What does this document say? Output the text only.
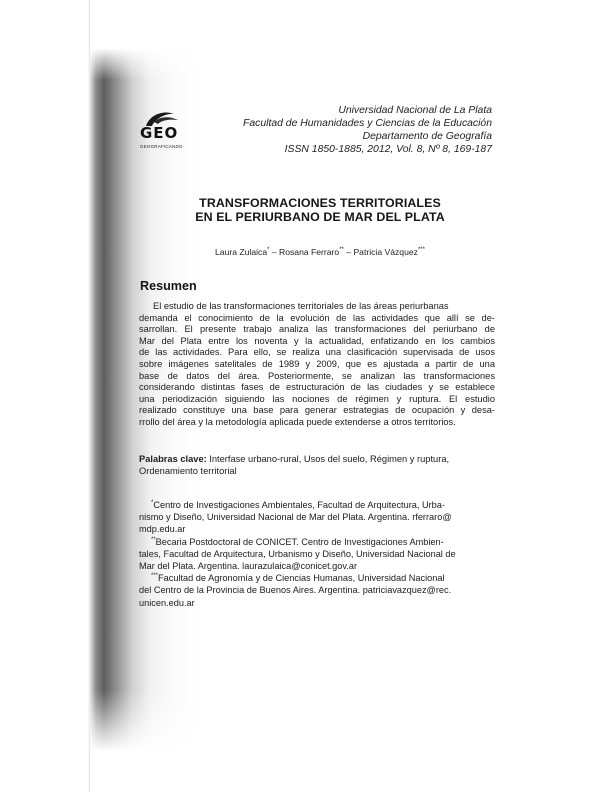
GEO
GEOGRAFICANDO
Universidad Nacional de La Plata
Facultad de Humanidades y Ciencias de la Educación
Departamento de Geografía
ISSN 1850-1885, 2012, Vol. 8, Nº 8, 169-187
TRANSFORMACIONES TERRITORIALES
EN EL PERIURBANO DE MAR DEL PLATA
Laura Zulaica* – Rosana Ferraro** – Patricia Vázquez***
Resumen
El estudio de las transformaciones territoriales de las áreas periurbanas
demanda el conocimiento de la evolución de las actividades que allí se de-
sarrollan. El presente trabajo analiza las transformaciones del periurbano de
Mar del Plata entre los noventa y la actualidad, enfatizando en los cambios
de las actividades. Para ello, se realiza una clasificación supervisada de usos
sobre imágenes satelitales de 1989 y 2009, que es ajustada a partir de una
base de datos del área. Posteriormente, se analizan las transformaciones
considerando distintas fases de estructuración de las ciudades y se establece
una periodización siguiendo las nociones de régimen y ruptura. El estudio
realizado constituye una base para generar estrategias de ocupación y desa-
rrollo del área y la metodología aplicada puede extenderse a otros territorios.
Palabras clave: Interfase urbano-rural, Usos del suelo, Régimen y ruptura,
Ordenamiento territorial
*Centro de Investigaciones Ambientales, Facultad de Arquitectura, Urba-
nismo y Diseño, Universidad Nacional de Mar del Plata. Argentina. rferraro@
mdp.edu.ar
**Becaria Postdoctoral de CONICET. Centro de Investigaciones Ambien-
tales, Facultad de Arquitectura, Urbanismo y Diseño, Universidad Nacional de
Mar del Plata. Argentina. laurazulaica@conicet.gov.ar
***Facultad de Agronomía y de Ciencias Humanas, Universidad Nacional
del Centro de la Provincia de Buenos Aires. Argentina. patriciavazquez@rec.
unicen.edu.ar
